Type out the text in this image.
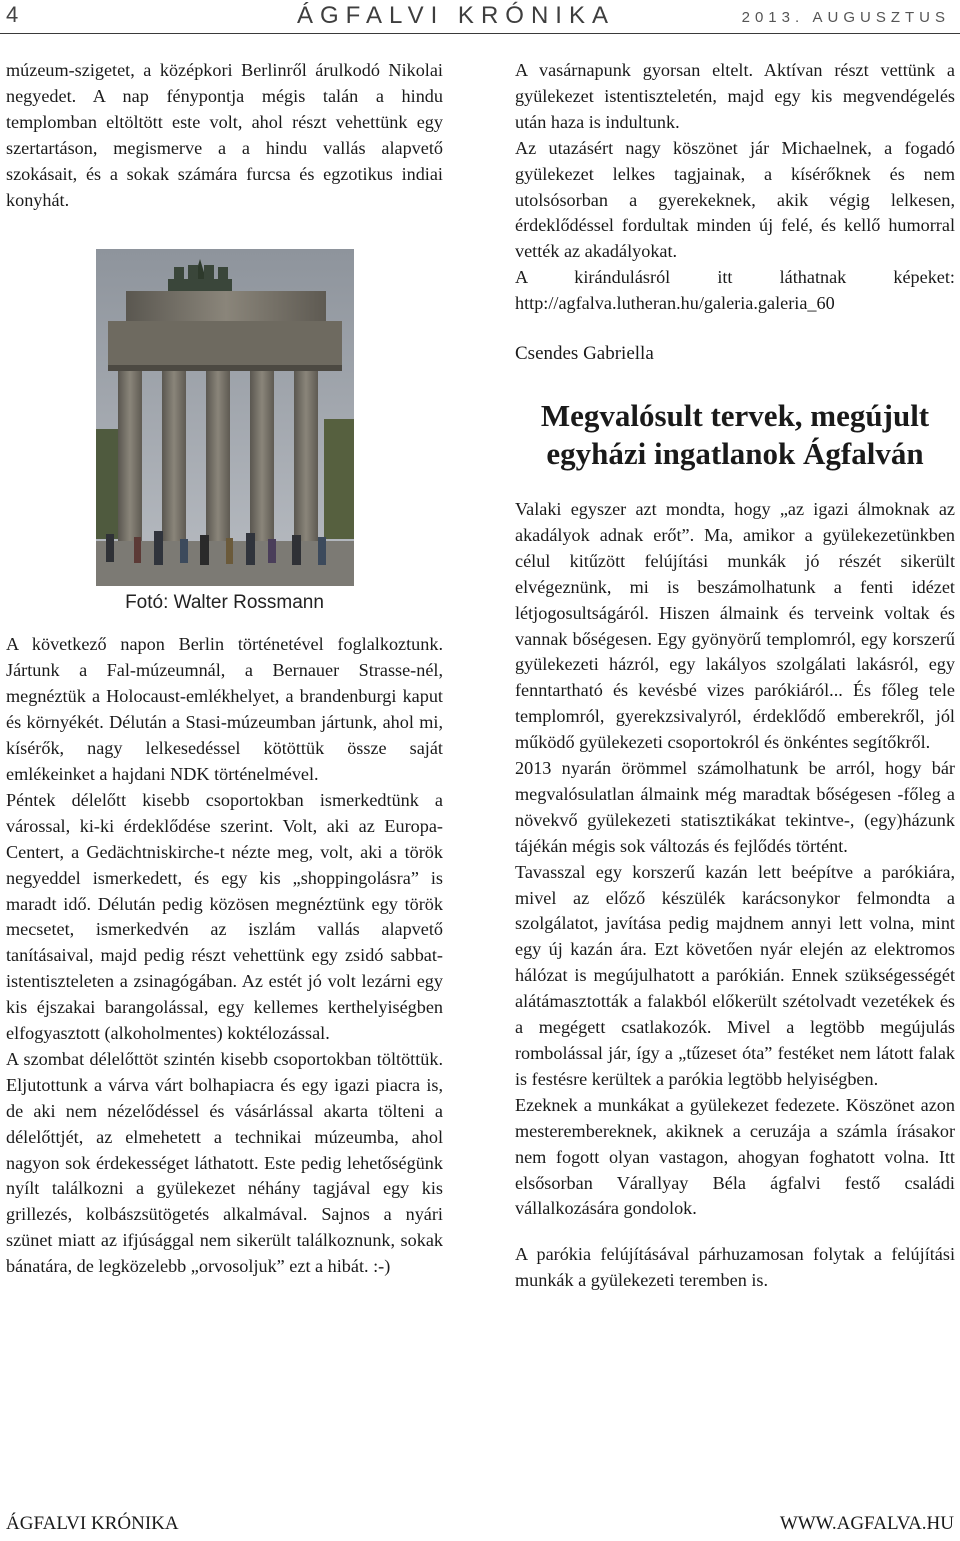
4	ÁGFALVI KRÓNIKA	2013. AUGUSZTUS

múzeum-szigetet, a középkori Berlinről árulkodó Nikolai negyedet. A nap fénypontja mégis talán a hindu templomban eltöltött este volt, ahol részt vehettünk egy szertartáson, megismerve a a hindu vallás alapvető szokásait, és a sokak számára furcsa és egzotikus indiai konyhát.

Fotó: Walter Rossmann

A következő napon Berlin történetével foglalkoztunk. Jártunk a Fal-múzeumnál, a Bernauer Strasse-nél, megnéztük a Holocaust-emlékhelyet, a brandenburgi kaput és környékét. Délután a Stasi-múzeumban jártunk, ahol mi, kísérők, nagy lelkesedéssel kötöttük össze saját emlékeinket a hajdani NDK történelmével.

Péntek délelőtt kisebb csoportokban ismerkedtünk a várossal, ki-ki érdeklődése szerint. Volt, aki az Europa-Centert, a Gedächtniskirche-t nézte meg, volt, aki a török negyeddel ismerkedett, és egy kis „shoppingolásra” is maradt idő. Délután pedig közösen megnéztünk egy török mecsetet, ismerkedvén az iszlám vallás alapvető tanításaival, majd pedig részt vehettünk egy zsidó sabbat-istentiszteleten a zsinagógában. Az estét jó volt lezárni egy kis éjszakai barangolással, egy kellemes kerthelyiségben elfogyasztott (alkoholmentes) koktélozással.

A szombat délelőttöt szintén kisebb csoportokban töltöttük. Eljutottunk a várva várt bolhapiacra és egy igazi piacra is, de aki nem nézelődéssel és vásárlással akarta tölteni a délelőttjét, az elmehetett a technikai múzeumba, ahol nagyon sok érdekességet láthatott. Este pedig lehetőségünk nyílt találkozni a gyülekezet néhány tagjával egy kis grillezés, kolbászsütögetés alkalmával. Sajnos a nyári szünet miatt az ifjúsággal nem sikerült találkoznunk, sokak bánatára, de legközelebb „orvosoljuk” ezt a hibát. :-)

A vasárnapunk gyorsan eltelt. Aktívan részt vettünk a gyülekezet istentiszteletén, majd egy kis megvendégelés után haza is indultunk.

Az utazásért nagy köszönet jár Michaelnek, a fogadó gyülekezet lelkes tagjainak, a kísérőknek és nem utolsósorban a gyerekeknek, akik végig lelkesen, érdeklődéssel fordultak minden új felé, és kellő humorral vették az akadályokat.

A kirándulásról itt láthatnak képeket: http://agfalva.lutheran.hu/galeria.galeria_60

Csendes Gabriella

Megvalósult tervek, megújult egyházi ingatlanok Ágfalván

Valaki egyszer azt mondta, hogy „az igazi álmoknak az akadályok adnak erőt”. Ma, amikor a gyülekezetünkben célul kitűzött felújítási munkák jó részét sikerült elvégeznünk, mi is beszámolhatunk a fenti idézet létjogosultságáról. Hiszen álmaink és terveink voltak és vannak bőségesen. Egy gyönyörű templomról, egy korszerű gyülekezeti házról, egy lakályos szolgálati lakásról, egy fenntartható és kevésbé vizes parókiáról... És főleg tele templomról, gyerekzsivalyról, érdeklődő emberekről, jól működő gyülekezeti csoportokról és önkéntes segítőkről.

2013 nyarán örömmel számolhatunk be arról, hogy bár megvalósulatlan álmaink még maradtak bőségesen -főleg a növekvő gyülekezeti statisztikákat tekintve-, (egy)házunk tájékán mégis sok változás és fejlődés történt.

Tavasszal egy korszerű kazán lett beépítve a parókiára, mivel az előző készülék karácsonykor felmondta a szolgálatot, javítása pedig majdnem annyi lett volna, mint egy új kazán ára. Ezt követően nyár elején az elektromos hálózat is megújulhatott a parókián. Ennek szükségességét alátámasztották a falakból előkerült szétolvadt vezetékek és a megégett csatlakozók. Mivel a legtöbb megújulás rombolással jár, így a „tűzeset óta” festéket nem látott falak is festésre kerültek a parókia legtöbb helyiségben.

Ezeknek a munkákat a gyülekezet fedezete. Köszönet azon mesterembereknek, akiknek a ceruzája a számla írásakor nem fogott olyan vastagon, ahogyan foghatott volna. Itt elsősorban Várallyay Béla ágfalvi festő családi vállalkozására gondolok.

A parókia felújításával párhuzamosan folytak a felújítási munkák a gyülekezeti teremben is.

ÁGFALVI KRÓNIKA	WWW.AGFALVA.HU
